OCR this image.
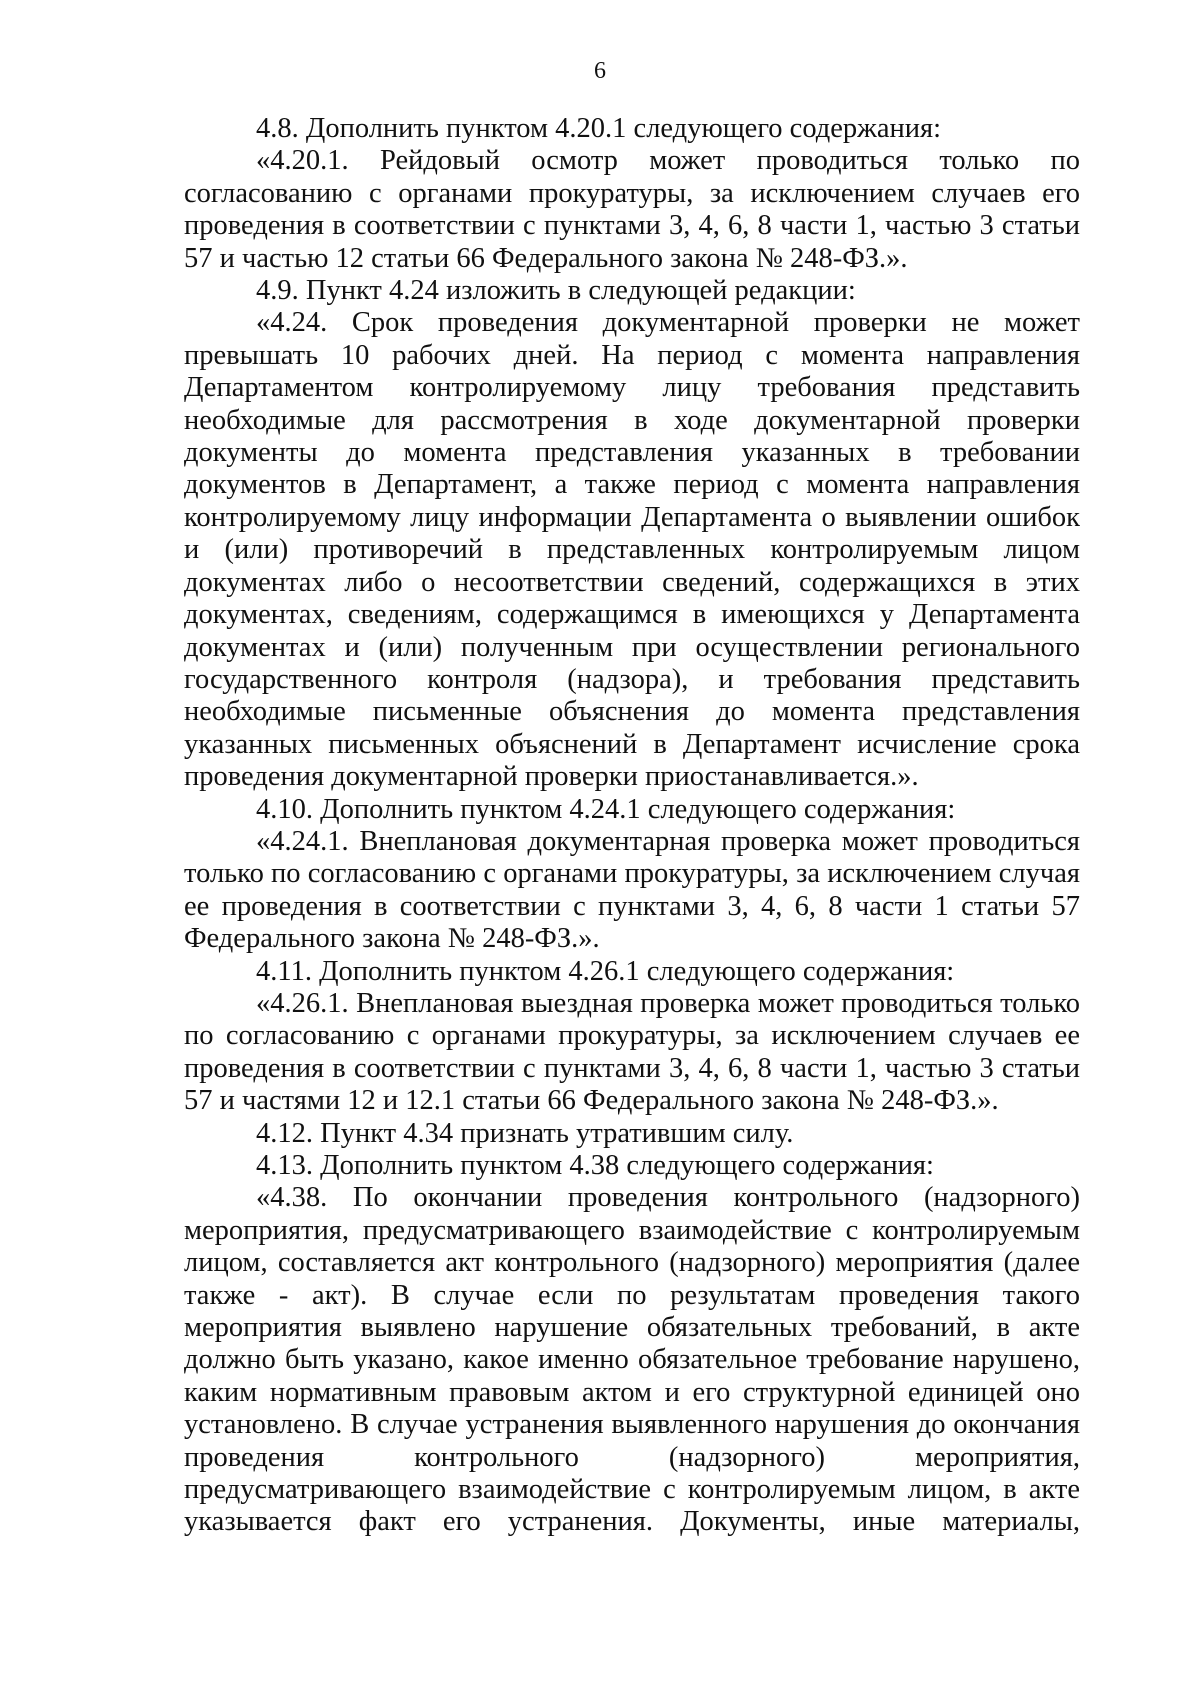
6

4.8. Дополнить пунктом 4.20.1 следующего содержания:

«4.20.1. Рейдовый осмотр может проводиться только по согласованию с органами прокуратуры, за исключением случаев его проведения в соответствии с пунктами 3, 4, 6, 8 части 1, частью 3 статьи 57 и частью 12 статьи 66 Федерального закона № 248-ФЗ.».

4.9. Пункт 4.24 изложить в следующей редакции:

«4.24. Срок проведения документарной проверки не может превышать 10 рабочих дней. На период с момента направления Департаментом контролируемому лицу требования представить необходимые для рассмотрения в ходе документарной проверки документы до момента представления указанных в требовании документов в Департамент, а также период с момента направления контролируемому лицу информации Департамента о выявлении ошибок и (или) противоречий в представленных контролируемым лицом документах либо о несоответствии сведений, содержащихся в этих документах, сведениям, содержащимся в имеющихся у Департамента документах и (или) полученным при осуществлении регионального государственного контроля (надзора), и требования представить необходимые письменные объяснения до момента представления указанных письменных объяснений в Департамент исчисление срока проведения документарной проверки приостанавливается.».

4.10. Дополнить пунктом 4.24.1 следующего содержания:

«4.24.1. Внеплановая документарная проверка может проводиться только по согласованию с органами прокуратуры, за исключением случая ее проведения в соответствии с пунктами 3, 4, 6, 8 части 1 статьи 57 Федерального закона № 248-ФЗ.».

4.11. Дополнить пунктом 4.26.1 следующего содержания:

«4.26.1. Внеплановая выездная проверка может проводиться только по согласованию с органами прокуратуры, за исключением случаев ее проведения в соответствии с пунктами 3, 4, 6, 8 части 1, частью 3 статьи 57 и частями 12 и 12.1 статьи 66 Федерального закона № 248-ФЗ.».

4.12. Пункт 4.34 признать утратившим силу.

4.13. Дополнить пунктом 4.38 следующего содержания:

«4.38. По окончании проведения контрольного (надзорного) мероприятия, предусматривающего взаимодействие с контролируемым лицом, составляется акт контрольного (надзорного) мероприятия (далее также - акт). В случае если по результатам проведения такого мероприятия выявлено нарушение обязательных требований, в акте должно быть указано, какое именно обязательное требование нарушено, каким нормативным правовым актом и его структурной единицей оно установлено. В случае устранения выявленного нарушения до окончания проведения контрольного (надзорного) мероприятия, предусматривающего взаимодействие с контролируемым лицом, в акте указывается факт его устранения. Документы, иные материалы,
